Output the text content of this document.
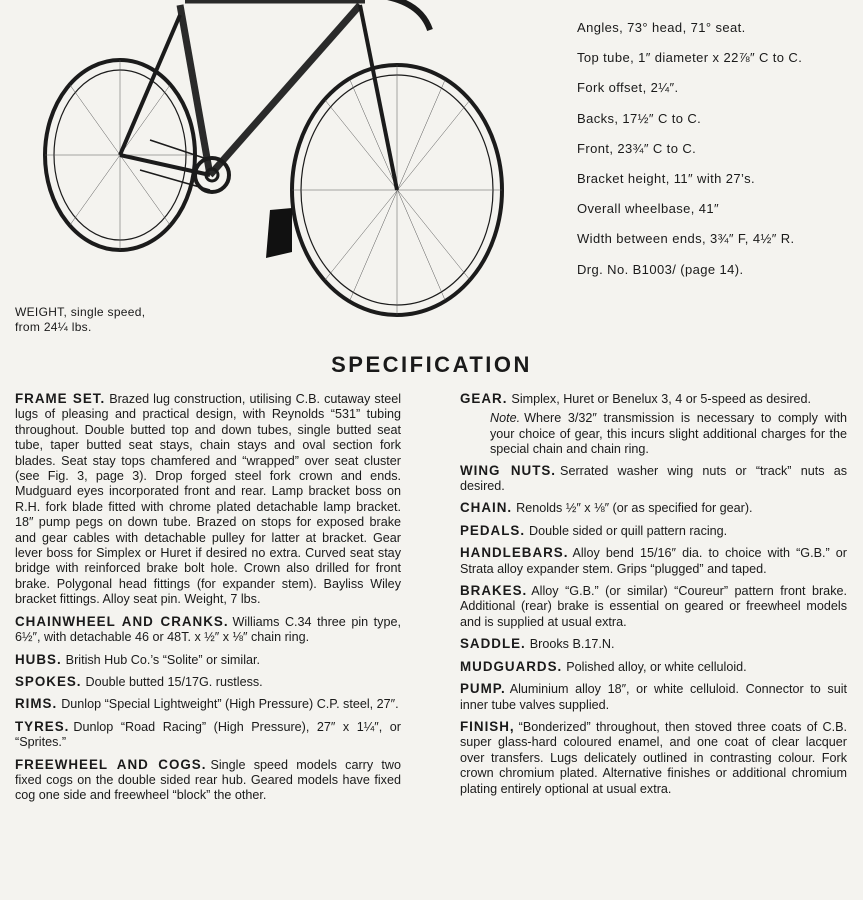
WEIGHT, single speed,
from 24¼ lbs.
Angles, 73° head, 71° seat.
Top tube, 1″ diameter x 22⅞″ C to C.
Fork offset, 2¼″.
Backs, 17½″ C to C.
Front, 23¾″ C to C.
Bracket height, 11″ with 27’s.
Overall wheelbase, 41″
Width between ends, 3¾″ F, 4½″ R.
Drg. No. B1003/ (page 14).
SPECIFICATION

FRAME SET. Brazed lug construction, utilising C.B. cutaway steel lugs of pleasing and practical design, with Reynolds “531” tubing throughout. Double butted top and down tubes, single butted seat tube, taper butted seat stays, chain stays and oval section fork blades. Seat stay tops chamfered and “wrapped” over seat cluster (see Fig. 3, page 3). Drop forged steel fork crown and ends. Mudguard eyes incorporated front and rear. Lamp bracket boss on R.H. fork blade fitted with chrome plated detachable lamp bracket. 18″ pump pegs on down tube. Brazed on stops for exposed brake and gear cables with detachable pulley for latter at bracket. Gear lever boss for Simplex or Huret if desired no extra. Curved seat stay bridge with reinforced brake bolt hole. Crown also drilled for front brake. Polygonal head fittings (for expander stem). Bayliss Wiley bracket fittings. Alloy seat pin. Weight, 7 lbs.

CHAINWHEEL AND CRANKS. Williams C.34 three pin type, 6½″, with detachable 46 or 48T. x ½″ x ⅛″ chain ring.

HUBS. British Hub Co.’s “Solite” or similar.

SPOKES. Double butted 15/17G. rustless.

RIMS. Dunlop “Special Lightweight” (High Pressure) C.P. steel, 27″.

TYRES. Dunlop “Road Racing” (High Pressure), 27″ x 1¼″, or “Sprites.”

FREEWHEEL AND COGS. Single speed models carry two fixed cogs on the double sided rear hub. Geared models have fixed cog one side and freewheel “block” the other.

GEAR. Simplex, Huret or Benelux 3, 4 or 5-speed as desired.

Note. Where 3/32″ transmission is necessary to comply with your choice of gear, this incurs slight additional charges for the special chain and chain ring.

WING NUTS. Serrated washer wing nuts or “track” nuts as desired.

CHAIN. Renolds ½″ x ⅛″ (or as specified for gear).

PEDALS. Double sided or quill pattern racing.

HANDLEBARS. Alloy bend 15/16″ dia. to choice with “G.B.” or Strata alloy expander stem. Grips “plugged” and taped.

BRAKES. Alloy “G.B.” (or similar) “Coureur” pattern front brake. Additional (rear) brake is essential on geared or freewheel models and is supplied at usual extra.

SADDLE. Brooks B.17.N.

MUDGUARDS. Polished alloy, or white celluloid.

PUMP. Aluminium alloy 18″, or white celluloid. Connector to suit inner tube valves supplied.

FINISH, “Bonderized” throughout, then stoved three coats of C.B. super glass-hard coloured enamel, and one coat of clear lacquer over transfers. Lugs delicately outlined in contrasting colour. Fork crown chromium plated. Alternative finishes or additional chromium plating entirely optional at usual extra.
